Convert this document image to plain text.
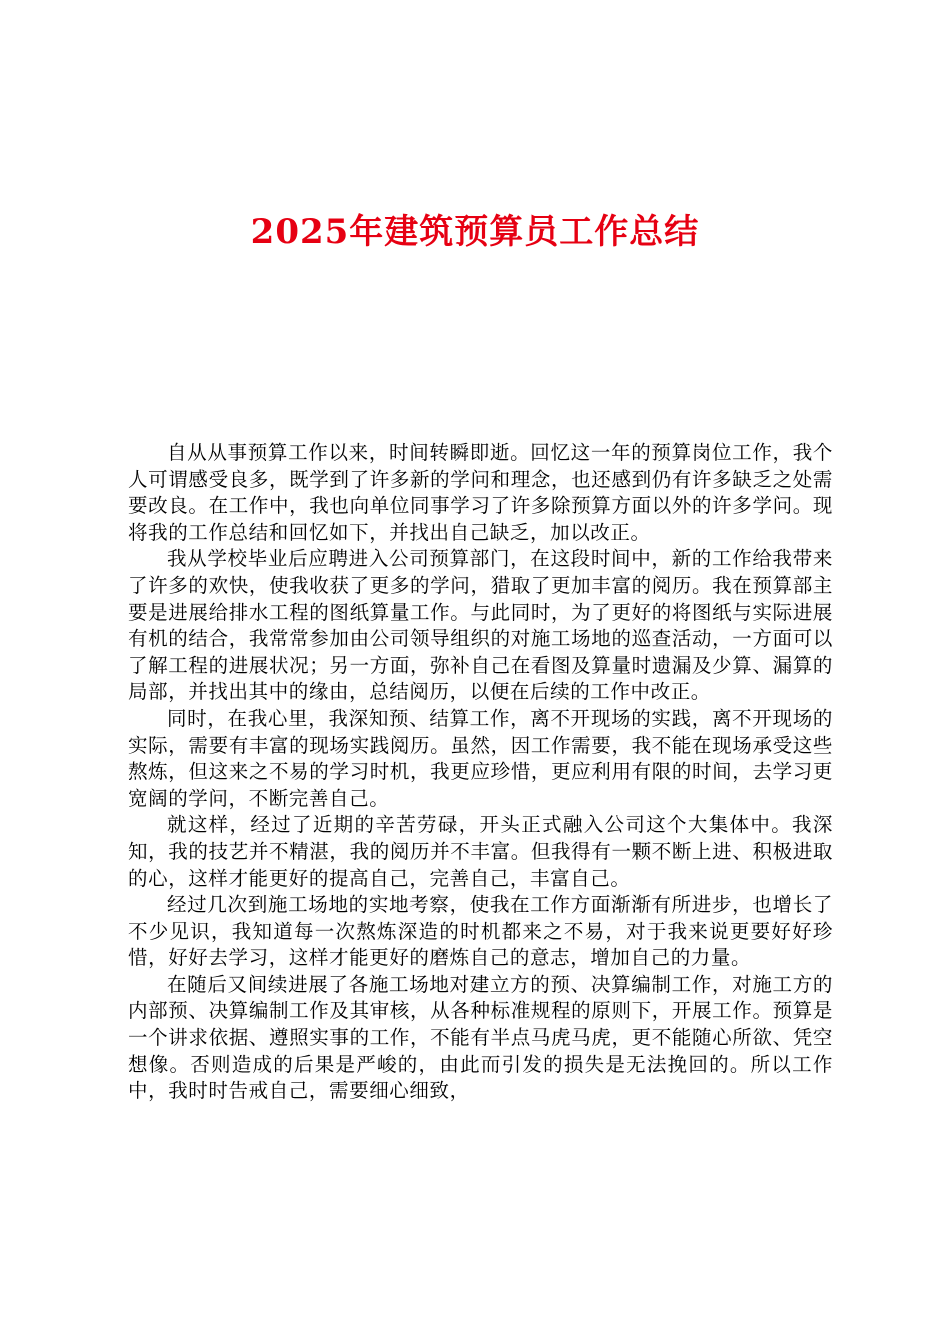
2025年建筑预算员工作总结

自从从事预算工作以来，时间转瞬即逝。回忆这一年的预算岗位工作，我个人可谓感受良多，既学到了许多新的学问和理念，也还感到仍有许多缺乏之处需要改良。在工作中，我也向单位同事学习了许多除预算方面以外的许多学问。现将我的工作总结和回忆如下，并找出自己缺乏，加以改正。

我从学校毕业后应聘进入公司预算部门，在这段时间中，新的工作给我带来了许多的欢快，使我收获了更多的学问，猎取了更加丰富的阅历。我在预算部主要是进展给排水工程的图纸算量工作。与此同时，为了更好的将图纸与实际进展有机的结合，我常常参加由公司领导组织的对施工场地的巡查活动，一方面可以了解工程的进展状况；另一方面，弥补自己在看图及算量时遗漏及少算、漏算的局部，并找出其中的缘由，总结阅历，以便在后续的工作中改正。

同时，在我心里，我深知预、结算工作，离不开现场的实践，离不开现场的实际，需要有丰富的现场实践阅历。虽然，因工作需要，我不能在现场承受这些熬炼，但这来之不易的学习时机，我更应珍惜，更应利用有限的时间，去学习更宽阔的学问，不断完善自己。

就这样，经过了近期的辛苦劳碌，开头正式融入公司这个大集体中。我深知，我的技艺并不精湛，我的阅历并不丰富。但我得有一颗不断上进、积极进取的心，这样才能更好的提高自己，完善自己，丰富自己。

经过几次到施工场地的实地考察，使我在工作方面渐渐有所进步，也增长了不少见识，我知道每一次熬炼深造的时机都来之不易，对于我来说更要好好珍惜，好好去学习，这样才能更好的磨炼自己的意志，增加自己的力量。

在随后又间续进展了各施工场地对建立方的预、决算编制工作，对施工方的内部预、决算编制工作及其审核，从各种标准规程的原则下，开展工作。预算是一个讲求依据、遵照实事的工作，不能有半点马虎马虎，更不能随心所欲、凭空想像。否则造成的后果是严峻的，由此而引发的损失是无法挽回的。所以工作中，我时时告戒自己，需要细心细致，
